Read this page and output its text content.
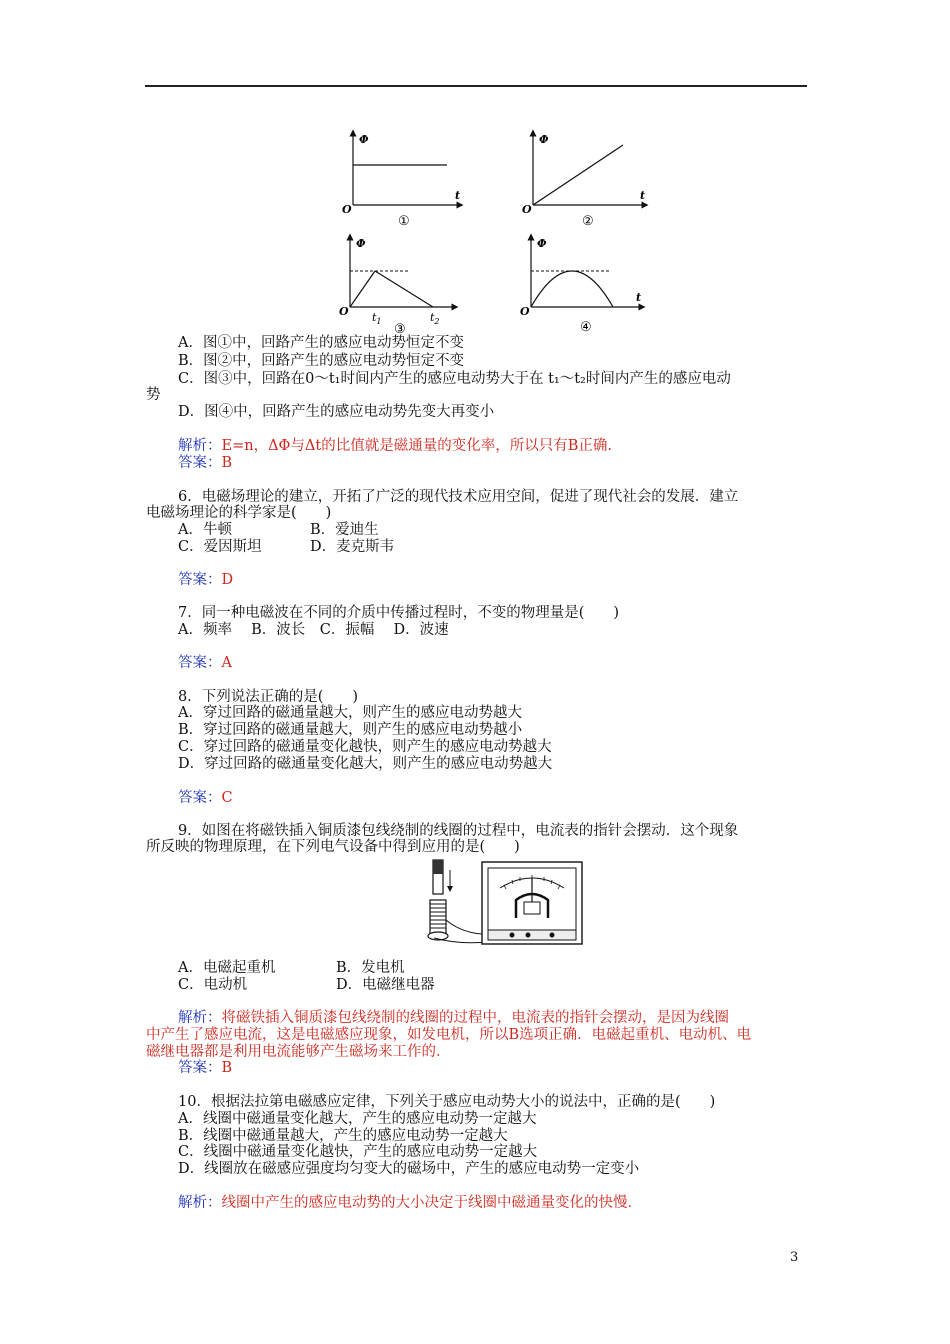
Φ
O
t
①
Φ
O
t
②
Φ
O $t_1$	$t_2$
③
Φ
O
t
④
A．图①中，回路产生的感应电动势恒定不变
B．图②中，回路产生的感应电动势恒定不变
C．图③中，回路在0～t₁时间内产生的感应电动势大于在 t₁～t₂时间内产生的感应电动
势
D．图④中，回路产生的感应电动势先变大再变小
解析：E=n，ΔΦ与Δt的比值就是磁通量的变化率，所以只有B正确.
答案：B
6．电磁场理论的建立，开拓了广泛的现代技术应用空间，促进了现代社会的发展．建立
电磁场理论的科学家是(　　)
A．牛顿	B．爱迪生
C．爱因斯坦	D．麦克斯韦
答案：D
7．同一种电磁波在不同的介质中传播过程时，不变的物理量是(　　)
A．频率　 B．波长　C．振幅　 D．波速
答案：A
8．下列说法正确的是(　　)
A．穿过回路的磁通量越大，则产生的感应电动势越大
B．穿过回路的磁通量越大，则产生的感应电动势越小
C．穿过回路的磁通量变化越快，则产生的感应电动势越大
D．穿过回路的磁通量变化越大，则产生的感应电动势越大
答案：C
9．如图在将磁铁插入铜质漆包线绕制的线圈的过程中，电流表的指针会摆动．这个现象
所反映的物理原理，在下列电气设备中得到应用的是(　　)
A．电磁起重机	B．发电机
C．电动机	D．电磁继电器
解析：将磁铁插入铜质漆包线绕制的线圈的过程中，电流表的指针会摆动，是因为线圈
中产生了感应电流，这是电磁感应现象，如发电机，所以B选项正确．电磁起重机、电动机、电
磁继电器都是利用电流能够产生磁场来工作的．
答案：B
10．根据法拉第电磁感应定律，下列关于感应电动势大小的说法中，正确的是(　　)
A．线圈中磁通量变化越大，产生的感应电动势一定越大
B．线圈中磁通量越大，产生的感应电动势一定越大
C．线圈中磁通量变化越快，产生的感应电动势一定越大
D．线圈放在磁感应强度均匀变大的磁场中，产生的感应电动势一定变小
解析：线圈中产生的感应电动势的大小决定于线圈中磁通量变化的快慢．
3
